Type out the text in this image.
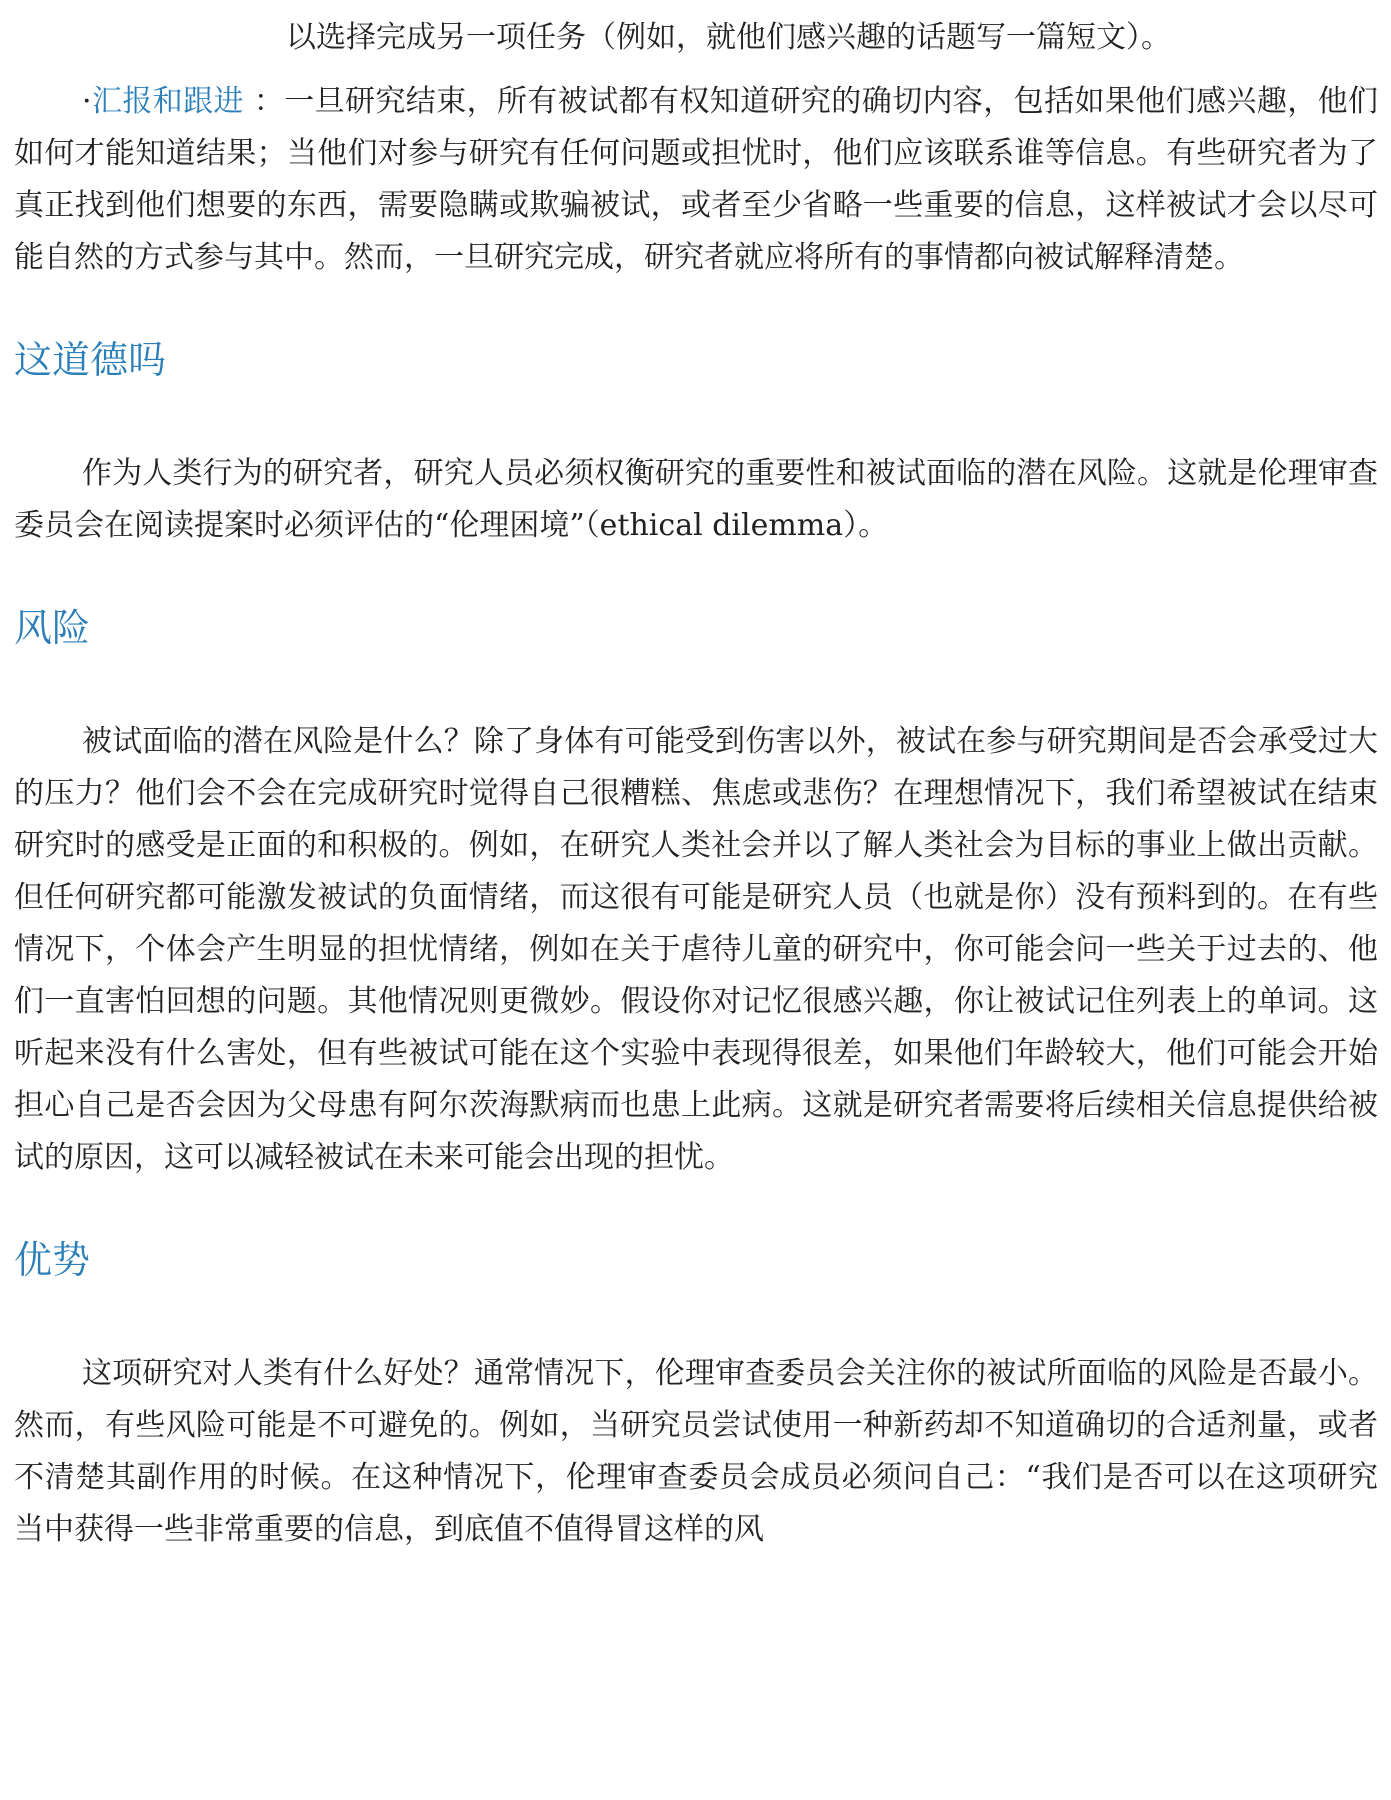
以选择完成另一项任务（例如，就他们感兴趣的话题写一篇短文）。

·汇报和跟进 ：一旦研究结束，所有被试都有权知道研究的确切内容，包括如果他们感兴趣，他们如何才能知道结果；当他们对参与研究有任何问题或担忧时，他们应该联系谁等信息。有些研究者为了真正找到他们想要的东西，需要隐瞒或欺骗被试，或者至少省略一些重要的信息，这样被试才会以尽可能自然的方式参与其中。然而，一旦研究完成，研究者就应将所有的事情都向被试解释清楚。

这道德吗

作为人类行为的研究者，研究人员必须权衡研究的重要性和被试面临的潜在风险。这就是伦理审查委员会在阅读提案时必须评估的“伦理困境”（ethical dilemma）。

风险

被试面临的潜在风险是什么？除了身体有可能受到伤害以外，被试在参与研究期间是否会承受过大的压力？他们会不会在完成研究时觉得自己很糟糕、焦虑或悲伤？在理想情况下，我们希望被试在结束研究时的感受是正面的和积极的。例如，在研究人类社会并以了解人类社会为目标的事业上做出贡献。但任何研究都可能激发被试的负面情绪，而这很有可能是研究人员（也就是你）没有预料到的。在有些情况下，个体会产生明显的担忧情绪，例如在关于虐待儿童的研究中，你可能会问一些关于过去的、他们一直害怕回想的问题。其他情况则更微妙。假设你对记忆很感兴趣，你让被试记住列表上的单词。这听起来没有什么害处，但有些被试可能在这个实验中表现得很差，如果他们年龄较大，他们可能会开始担心自己是否会因为父母患有阿尔茨海默病而也患上此病。这就是研究者需要将后续相关信息提供给被试的原因，这可以减轻被试在未来可能会出现的担忧。

优势

这项研究对人类有什么好处？通常情况下，伦理审查委员会关注你的被试所面临的风险是否最小。然而，有些风险可能是不可避免的。例如，当研究员尝试使用一种新药却不知道确切的合适剂量，或者不清楚其副作用的时候。在这种情况下，伦理审查委员会成员必须问自己：“我们是否可以在这项研究当中获得一些非常重要的信息，到底值不值得冒这样的风
